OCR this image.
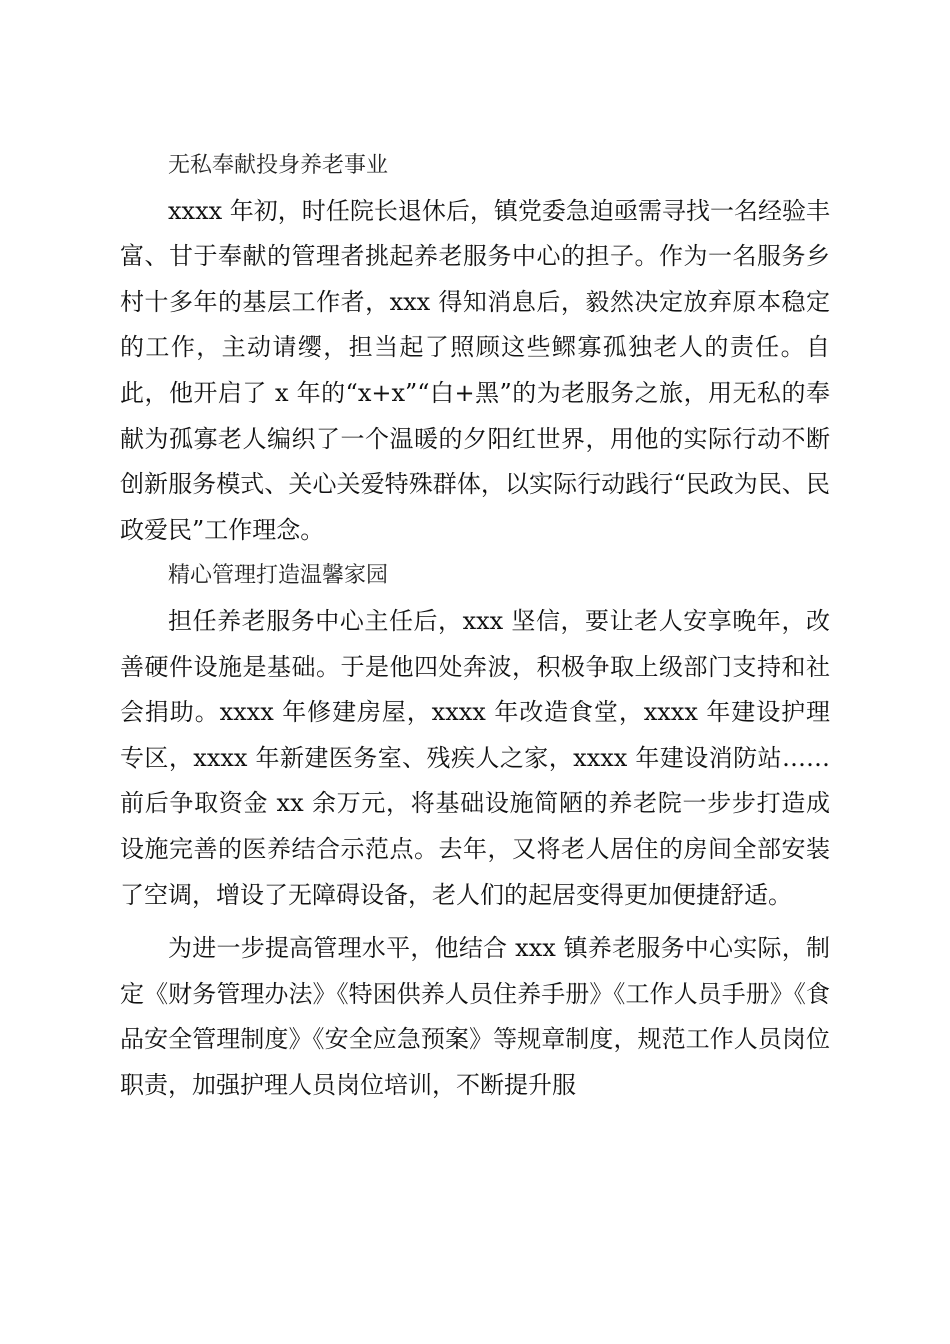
无私奉献投身养老事业

xxxx 年初，时任院长退休后，镇党委急迫亟需寻找一名经验丰富、甘于奉献的管理者挑起养老服务中心的担子。作为一名服务乡村十多年的基层工作者，xxx 得知消息后，毅然决定放弃原本稳定的工作，主动请缨，担当起了照顾这些鳏寡孤独老人的责任。自此，他开启了 x 年的“x+x”“白+黑”的为老服务之旅，用无私的奉献为孤寡老人编织了一个温暖的夕阳红世界，用他的实际行动不断创新服务模式、关心关爱特殊群体，以实际行动践行“民政为民、民政爱民”工作理念。

精心管理打造温馨家园

担任养老服务中心主任后，xxx 坚信，要让老人安享晚年，改善硬件设施是基础。于是他四处奔波，积极争取上级部门支持和社会捐助。xxxx 年修建房屋，xxxx 年改造食堂，xxxx 年建设护理专区，xxxx 年新建医务室、残疾人之家，xxxx 年建设消防站……前后争取资金 xx 余万元，将基础设施简陋的养老院一步步打造成设施完善的医养结合示范点。去年，又将老人居住的房间全部安装了空调，增设了无障碍设备，老人们的起居变得更加便捷舒适。

为进一步提高管理水平，他结合 xxx 镇养老服务中心实际，制定《财务管理办法》《特困供养人员住养手册》《工作人员手册》《食品安全管理制度》《安全应急预案》等规章制度，规范工作人员岗位职责，加强护理人员岗位培训，不断提升服
